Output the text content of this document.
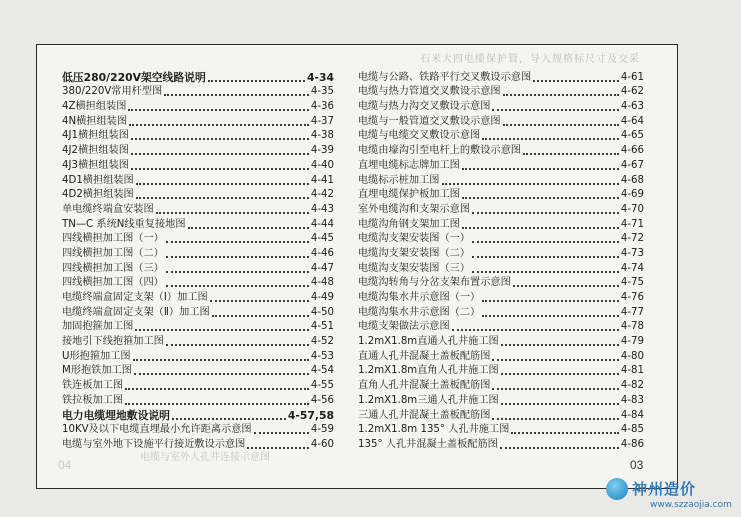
石米大四电缆保护管，导入规格标尺寸及交采
电缆与室外人孔井连接示意图
低压280/220V架空线路说明	4-34
380/220V常用杆型图	4-35
4Z横担组装图	4-36
4N横担组装图	4-37
4J1横担组装图	4-38
4J2横担组装图	4-39
4J3横担组装图	4-40
4D1横担组装图	4-41
4D2横担组装图	4-42
单电缆终端盒安装图	4-43
TN—C 系统N线重复接地图	4-44
四线横担加工图（一）	4-45
四线横担加工图（二）	4-46
四线横担加工图（三）	4-47
四线横担加工图（四）	4-48
电缆终端盒固定支架（Ⅰ）加工图	4-49
电缆终端盒固定支架（Ⅱ）加工图	4-50
加固抱箍加工图	4-51
接地引下线抱箍加工图	4-52
U形抱箍加工图	4-53
M形抱铁加工图	4-54
铁连板加工图	4-55
铁拉板加工图	4-56
电力电缆埋地敷设说明	4-57,58
10KV及以下电缆直埋最小允许距离示意图	4-59
电缆与室外地下设施平行接近敷设示意图	4-60
电缆与公路、铁路平行交叉敷设示意图	4-61
电缆与热力管道交叉敷设示意图	4-62
电缆与热力沟交叉敷设示意图	4-63
电缆与一般管道交叉敷设示意图	4-64
电缆与电缆交叉敷设示意图	4-65
电缆由壕沟引至电杆上的敷设示意图	4-66
直埋电缆标志牌加工图	4-67
电缆标示桩加工图	4-68
直埋电缆保护板加工图	4-69
室外电缆沟和支架示意图	4-70
电缆沟角钢支架加工图	4-71
电缆沟支架安装图（一）	4-72
电缆沟支架安装图（二）	4-73
电缆沟支架安装图（三）	4-74
电缆沟转角与分岔支架布置示意图	4-75
电缆沟集水井示意图（一）	4-76
电缆沟集水井示意图（二）	4-77
电缆支架做法示意图	4-78
1.2mX1.8m直通人孔井施工图	4-79
直通人孔井混凝土盖板配筋图	4-80
1.2mX1.8m直角人孔井施工图	4-81
直角人孔井混凝土盖板配筋图	4-82
1.2mX1.8m三通人孔井施工图	4-83
三通人孔井混凝土盖板配筋图	4-84
1.2mX1.8m 135° 人孔井施工图	4-85
135° 人孔井混凝土盖板配筋图	4-86
04	03
神州造价
www.szzaojia.com
